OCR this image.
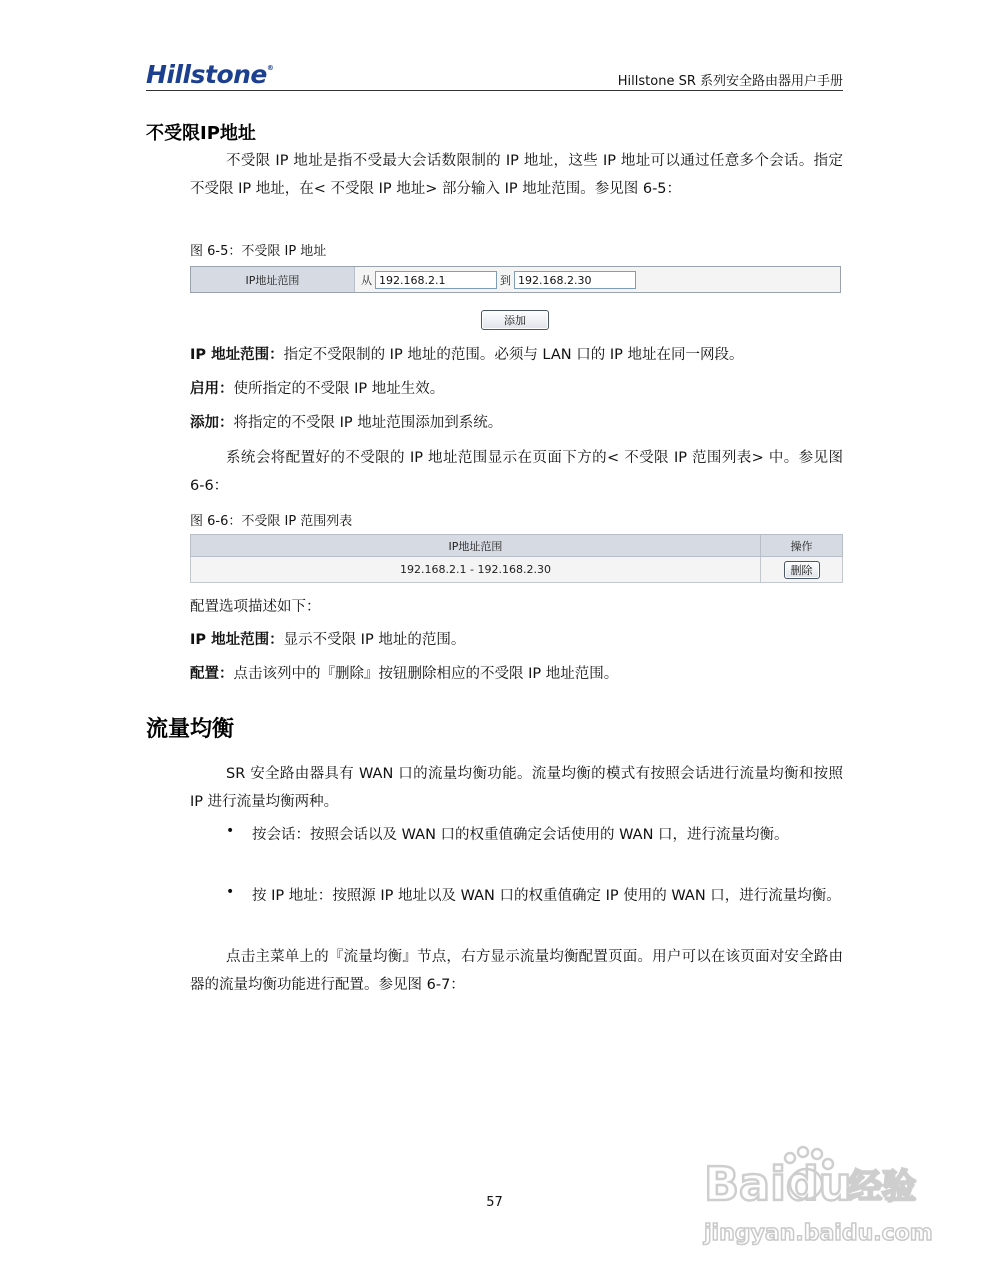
Hillstone®
Hillstone SR 系列安全路由器用户手册
不受限IP地址
不受限 IP 地址是指不受最大会话数限制的 IP 地址，这些 IP 地址可以通过任意多个会话。指定不受限 IP 地址，在< 不受限 IP 地址> 部分输入 IP 地址范围。参见图 6-5：
图 6-5：不受限 IP 地址
IP地址范围	从 192.168.2.1	到 192.168.2.30
添加
IP 地址范围：指定不受限制的 IP 地址的范围。必须与 LAN 口的 IP 地址在同一网段。
启用：使所指定的不受限 IP 地址生效。
添加：将指定的不受限 IP 地址范围添加到系统。
系统会将配置好的不受限的 IP 地址范围显示在页面下方的< 不受限 IP 范围列表> 中。参见图 6-6：
图 6-6：不受限 IP 范围列表
IP地址范围	操作
192.168.2.1 - 192.168.2.30	删除
配置选项描述如下：
IP 地址范围：显示不受限 IP 地址的范围。
配置：点击该列中的『删除』按钮删除相应的不受限 IP 地址范围。
流量均衡
SR 安全路由器具有 WAN 口的流量均衡功能。流量均衡的模式有按照会话进行流量均衡和按照 IP 进行流量均衡两种。
• 按会话：按照会话以及 WAN 口的权重值确定会话使用的 WAN 口，进行流量均衡。
• 按 IP 地址：按照源 IP 地址以及 WAN 口的权重值确定 IP 使用的 WAN 口，进行流量均衡。
点击主菜单上的『流量均衡』节点，右方显示流量均衡配置页面。用户可以在该页面对安全路由器的流量均衡功能进行配置。参见图 6-7：
57	Baidu
经验
jingyan.baidu.com
